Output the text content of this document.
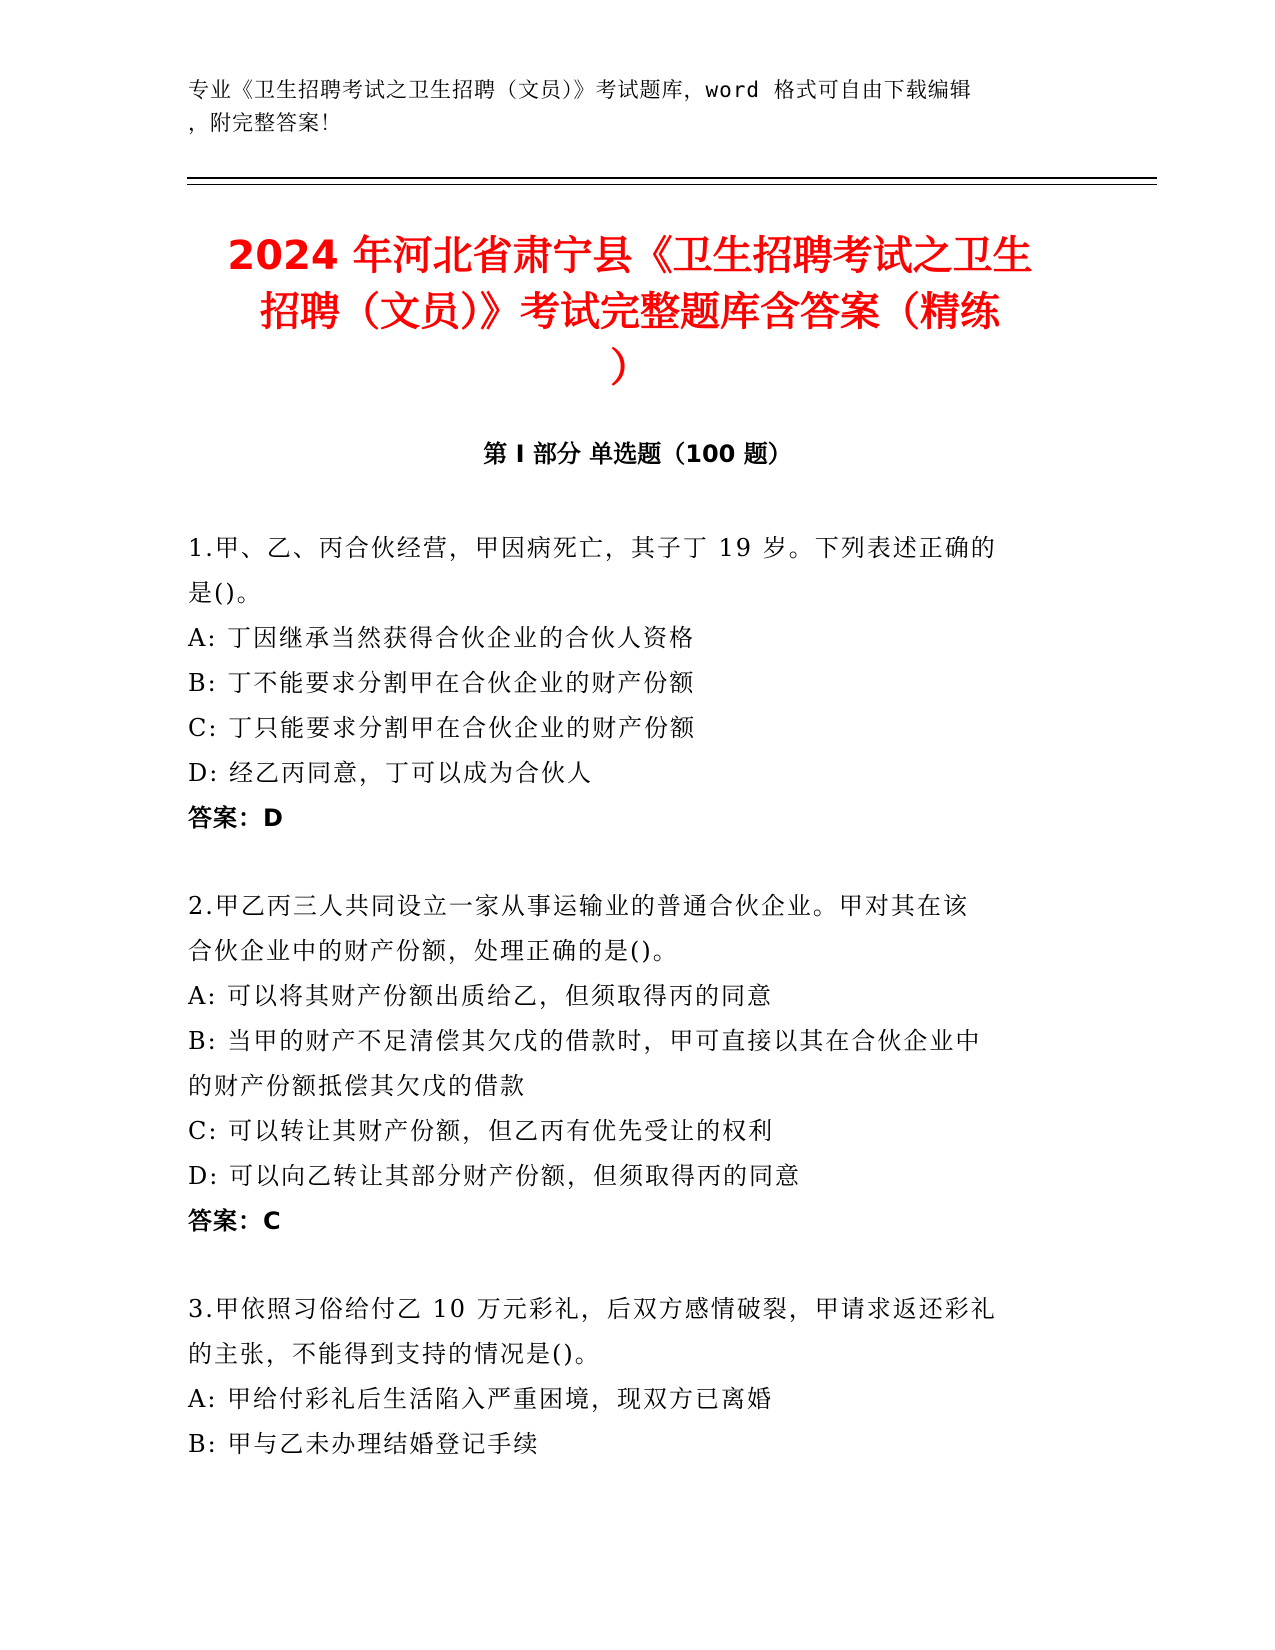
专业《卫生招聘考试之卫生招聘（文员）》考试题库，word 格式可自由下载编辑
，附完整答案！
2024 年河北省肃宁县《卫生招聘考试之卫生
招聘（文员）》考试完整题库含答案（精练
）
第 I 部分 单选题（100 题）
1.甲、乙、丙合伙经营，甲因病死亡，其子丁 19 岁。下列表述正确的
是()。
A: 丁因继承当然获得合伙企业的合伙人资格
B: 丁不能要求分割甲在合伙企业的财产份额
C: 丁只能要求分割甲在合伙企业的财产份额
D: 经乙丙同意，丁可以成为合伙人
答案：D
2.甲乙丙三人共同设立一家从事运输业的普通合伙企业。甲对其在该
合伙企业中的财产份额，处理正确的是()。
A: 可以将其财产份额出质给乙，但须取得丙的同意
B: 当甲的财产不足清偿其欠戊的借款时，甲可直接以其在合伙企业中
的财产份额抵偿其欠戊的借款
C: 可以转让其财产份额，但乙丙有优先受让的权利
D: 可以向乙转让其部分财产份额，但须取得丙的同意
答案：C
3.甲依照习俗给付乙 10 万元彩礼，后双方感情破裂，甲请求返还彩礼
的主张，不能得到支持的情况是()。
A: 甲给付彩礼后生活陷入严重困境，现双方已离婚
B: 甲与乙未办理结婚登记手续
